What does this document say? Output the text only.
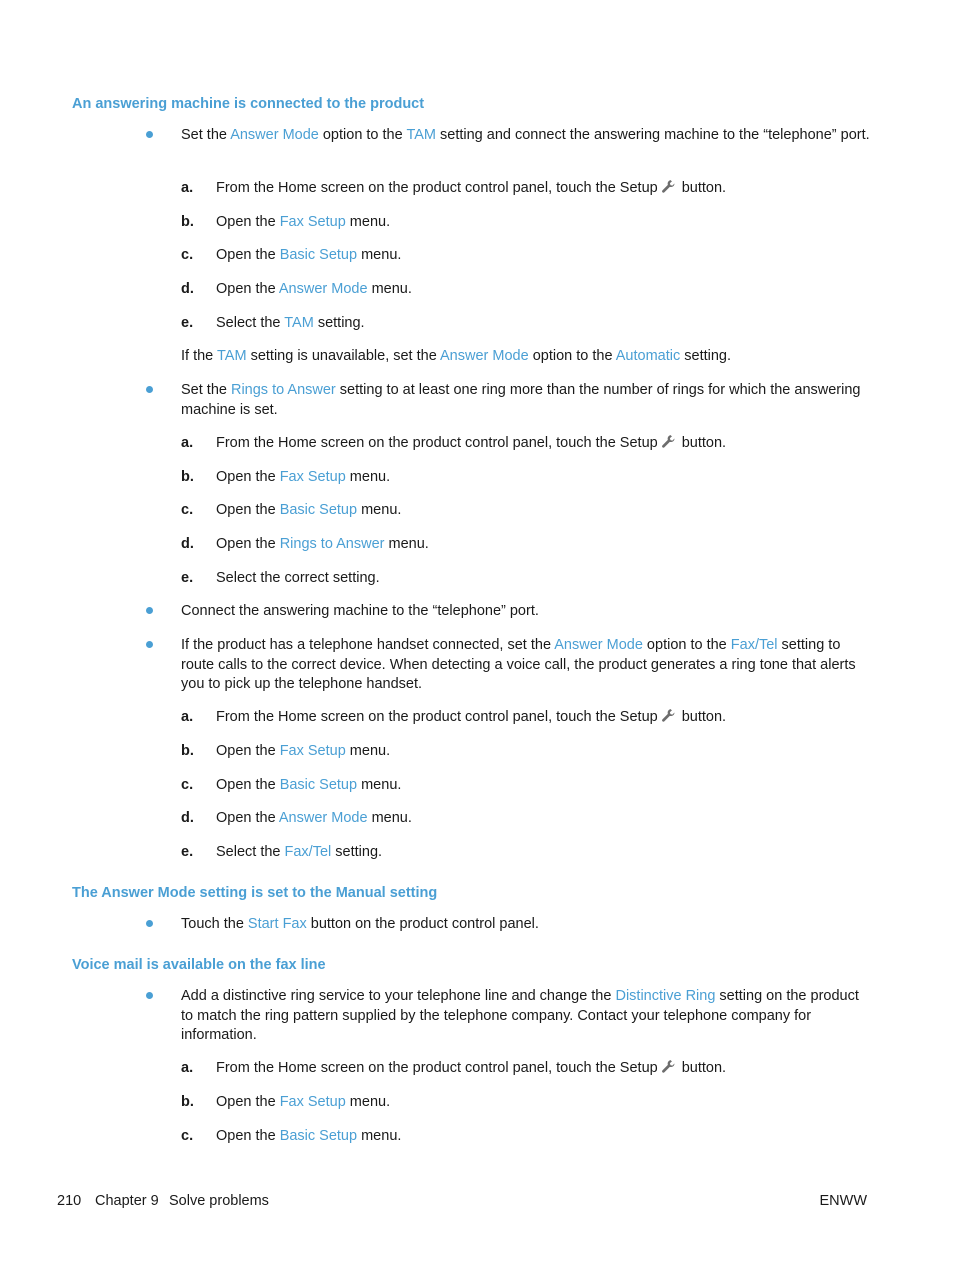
An answering machine is connected to the product
Set the Answer Mode option to the TAM setting and connect the answering machine to the “telephone” port.
a. From the Home screen on the product control panel, touch the Setup button.
b. Open the Fax Setup menu.
c. Open the Basic Setup menu.
d. Open the Answer Mode menu.
e. Select the TAM setting.
If the TAM setting is unavailable, set the Answer Mode option to the Automatic setting.
Set the Rings to Answer setting to at least one ring more than the number of rings for which the answering machine is set.
a. From the Home screen on the product control panel, touch the Setup button.
b. Open the Fax Setup menu.
c. Open the Basic Setup menu.
d. Open the Rings to Answer menu.
e. Select the correct setting.
Connect the answering machine to the “telephone” port.
If the product has a telephone handset connected, set the Answer Mode option to the Fax/Tel setting to route calls to the correct device. When detecting a voice call, the product generates a ring tone that alerts you to pick up the telephone handset.
a. From the Home screen on the product control panel, touch the Setup button.
b. Open the Fax Setup menu.
c. Open the Basic Setup menu.
d. Open the Answer Mode menu.
e. Select the Fax/Tel setting.
The Answer Mode setting is set to the Manual setting
Touch the Start Fax button on the product control panel.
Voice mail is available on the fax line
Add a distinctive ring service to your telephone line and change the Distinctive Ring setting on the product to match the ring pattern supplied by the telephone company. Contact your telephone company for information.
a. From the Home screen on the product control panel, touch the Setup button.
b. Open the Fax Setup menu.
c. Open the Basic Setup menu.
210 Chapter 9 Solve problems	ENWW
